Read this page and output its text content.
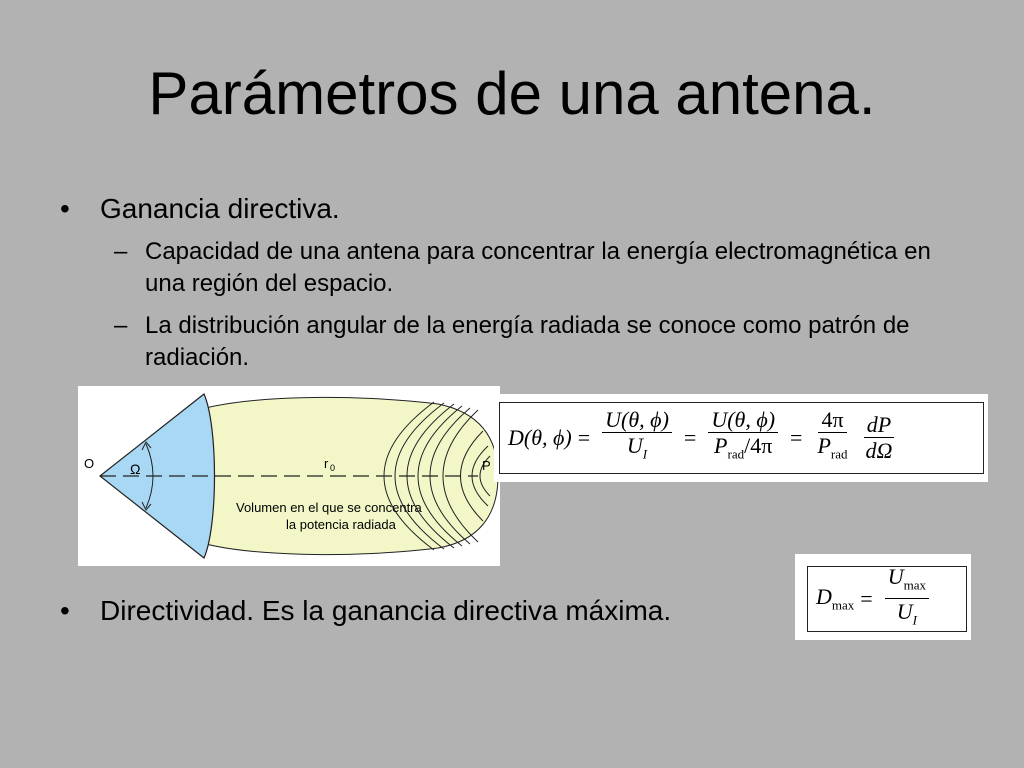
Parámetros de una antena.
• Ganancia directiva.
– Capacidad de una antena para concentrar la energía electromagnética en una región del espacio.
– La distribución angular de la energía radiada se conoce como patrón de radiación.
O	Ω	r 0	P
Volumen en el que se concentra
la potencia radiada
D(θ, $\phi) = \frac{U(\theta, \phi)}{U_I} = \frac{U(\theta, \phi)}{P_{rad}/4\pi} = \frac{4\pi}{P_{rad}} \frac{dP}{d\Omega}$
• Directividad. Es la ganancia directiva máxima.	$D_{max} = \frac{U_{max}}{U_I}$
